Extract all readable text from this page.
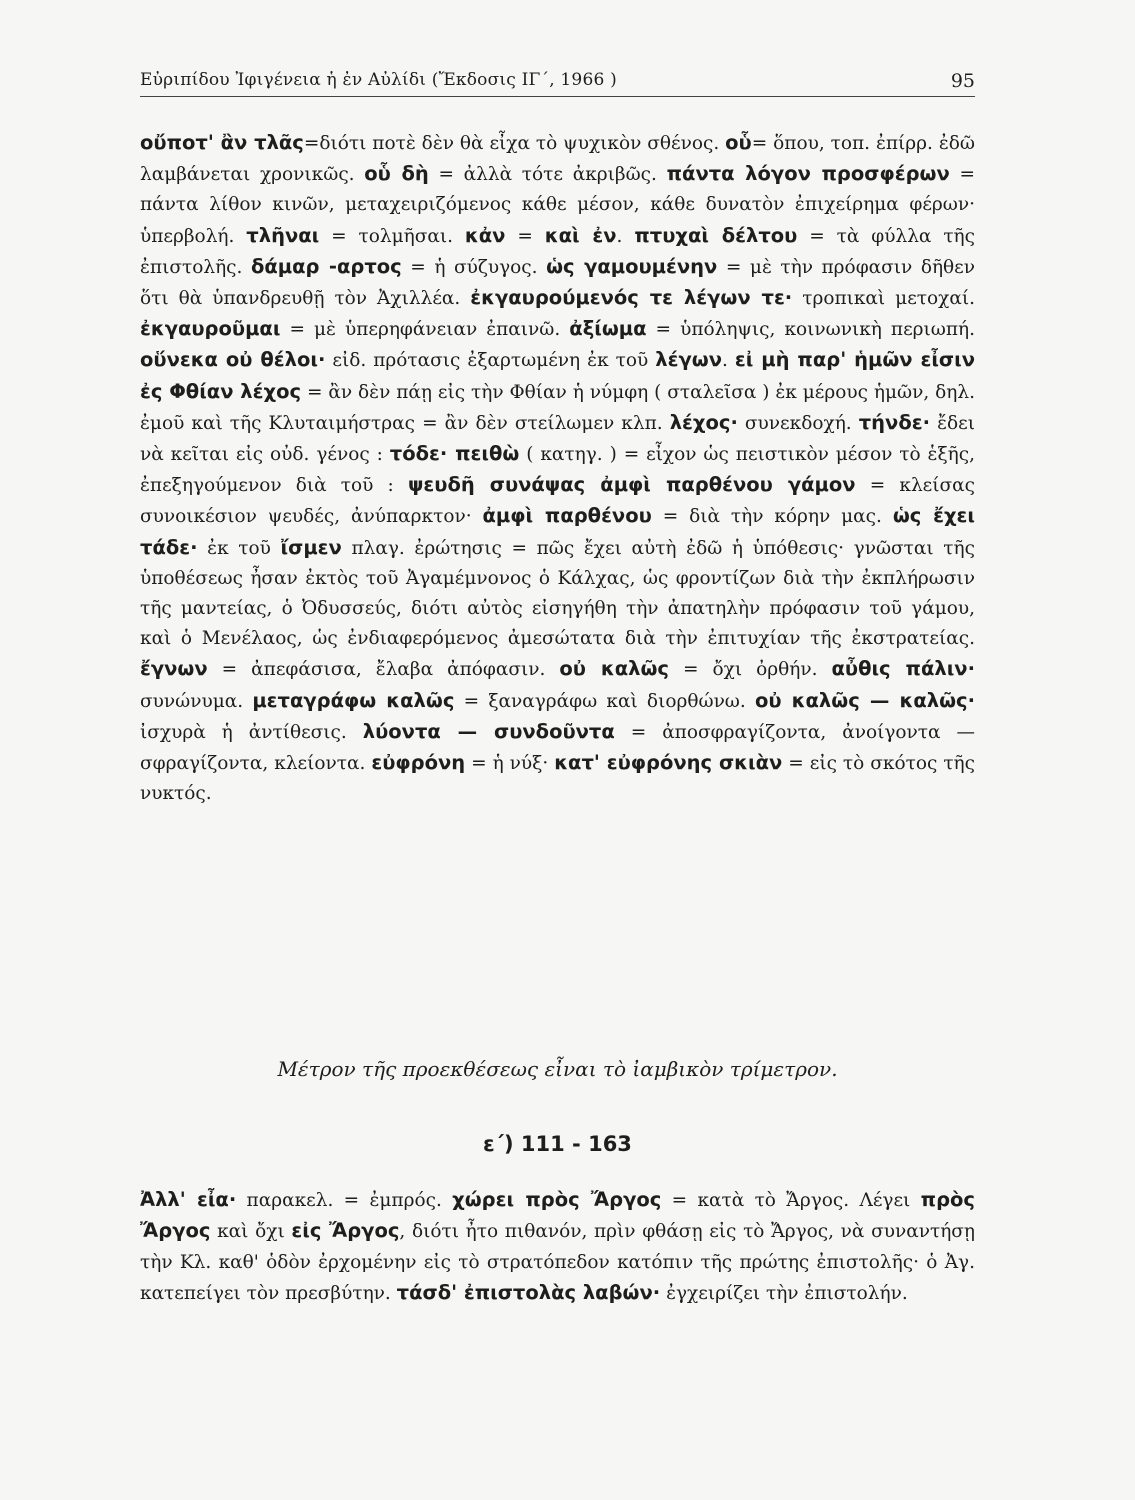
Εὐριπίδου Ἰφιγένεια ἡ ἐν Αὐλίδι (Ἔκδοσις ΙΓ΄, 1966 )	95

οὔποτ' ἂν τλᾶς=διότι ποτὲ δὲν θὰ εἶχα τὸ ψυχικὸν σθένος. οὗ= ὅπου, τοπ. ἐπίρρ. ἐδῶ λαμβάνεται χρονικῶς. οὗ δὴ = ἀλλὰ τότε ἀκριβῶς. πάντα λόγον προσφέρων = πάντα λίθον κινῶν, μεταχειριζόμενος κάθε μέσον, κάθε δυνατὸν ἐπιχείρημα φέρων· ὑπερβολή. τλῆναι = τολμῆσαι. κἀν = καὶ ἐν. πτυχαὶ δέλτου = τὰ φύλλα τῆς ἐπιστολῆς. δάμαρ -αρτος = ἡ σύζυγος. ὡς γαμουμένην = μὲ τὴν πρόφασιν δῆθεν ὅτι θὰ ὑπανδρευθῇ τὸν Ἀχιλλέα. ἐκγαυρούμενός τε λέγων τε· τροπικαὶ μετοχαί. ἐκγαυροῦμαι = μὲ ὑπερηφάνειαν ἐπαινῶ. ἀξίωμα = ὑπόληψις, κοινωνικὴ περιωπή. οὕνεκα οὐ θέλοι· εἰδ. πρότασις ἐξαρτωμένη ἐκ τοῦ λέγων. εἰ μὴ παρ' ἡμῶν εἶσιν ἐς Φθίαν λέχος = ἂν δὲν πάῃ εἰς τὴν Φθίαν ἡ νύμφη ( σταλεῖσα ) ἐκ μέρους ἡμῶν, δηλ. ἐμοῦ καὶ τῆς Κλυταιμήστρας = ἂν δὲν στείλωμεν κλπ. λέχος· συνεκδοχή. τήνδε· ἔδει νὰ κεῖται εἰς οὐδ. γένος : τόδε· πειθὼ ( κατηγ. ) = εἶχον ὡς πειστικὸν μέσον τὸ ἑξῆς, ἐπεξηγούμενον διὰ τοῦ : ψευδῆ συνάψας ἀμφὶ παρθένου γάμον = κλείσας συνοικέσιον ψευδές, ἀνύπαρκτον· ἀμφὶ παρθένου = διὰ τὴν κόρην μας. ὡς ἔχει τάδε· ἐκ τοῦ ἴσμεν πλαγ. ἐρώτησις = πῶς ἔχει αὐτὴ ἐδῶ ἡ ὑπόθεσις· γνῶσται τῆς ὑποθέσεως ἦσαν ἐκτὸς τοῦ Ἀγαμέμνονος ὁ Κάλχας, ὡς φροντίζων διὰ τὴν ἐκπλήρωσιν τῆς μαντείας, ὁ Ὀδυσσεύς, διότι αὐτὸς εἰσηγήθη τὴν ἀπατηλὴν πρόφασιν τοῦ γάμου, καὶ ὁ Μενέλαος, ὡς ἐνδιαφερόμενος ἀμεσώτατα διὰ τὴν ἐπιτυχίαν τῆς ἐκστρατείας. ἔγνων = ἀπεφάσισα, ἔλαβα ἀπόφασιν. οὐ καλῶς = ὄχι ὀρθήν. αὖθις πάλιν· συνώνυμα. μεταγράφω καλῶς = ξαναγράφω καὶ διορθώνω. οὐ καλῶς — καλῶς· ἰσχυρὰ ἡ ἀντίθεσις. λύοντα — συνδοῦντα = ἀποσφραγίζοντα, ἀνοίγοντα — σφραγίζοντα, κλείοντα. εὐφρόνη = ἡ νύξ· κατ' εὐφρόνης σκιὰν = εἰς τὸ σκότος τῆς νυκτός.

Μέτρον τῆς προεκθέσεως εἶναι τὸ ἰαμβικὸν τρίμετρον.
ε΄) 111 - 163

Ἀλλ' εἶα· παρακελ. = ἐμπρός. χώρει πρὸς Ἄργος = κατὰ τὸ Ἄργος. Λέγει πρὸς Ἄργος καὶ ὄχι εἰς Ἄργος, διότι ἦτο πιθανόν, πρὶν φθάσῃ εἰς τὸ Ἄργος, νὰ συναντήσῃ τὴν Κλ. καθ' ὁδὸν ἐρχομένην εἰς τὸ στρατόπεδον κατόπιν τῆς πρώτης ἐπιστολῆς· ὁ Ἀγ. κατεπείγει τὸν πρεσβύτην. τάσδ' ἐπιστολὰς λαβών· ἐγχειρίζει τὴν ἐπιστολήν.
